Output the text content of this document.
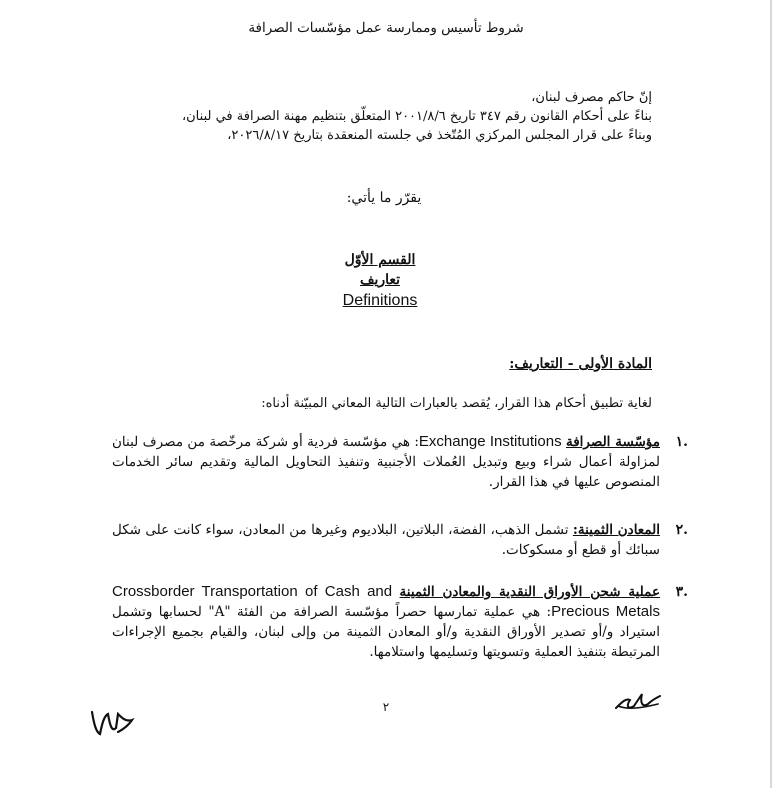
شروط تأسيس وممارسة عمل مؤسّسات الصرافة
إنّ حاكم مصرف لبنان،
بناءً على أحكام القانون رقم ٣٤٧ تاريخ ٢٠٠١/٨/٦ المتعلّق بتنظيم مهنة الصرافة في لبنان،
وبناءً على قرار المجلس المركزي المُتّخذ في جلسته المنعقدة بتاريخ ٢٠٢٦/٨/١٧،
يقرّر ما يأتي:
القسم الأوّل
تعاريف
Definitions
المادة الأولى - التعاريف:
لغاية تطبيق أحكام هذا القرار، يُقصد بالعبارات التالية المعاني المبيّنة أدناه:
.١
مؤسّسة الصرافة Exchange Institutions: هي مؤسّسة فردية أو شركة مرخّصة من مصرف لبنان لمزاولة أعمال شراء وبيع وتبديل العُملات الأجنبية وتنفيذ التحاويل المالية وتقديم سائر الخدمات المنصوص عليها في هذا القرار.
.٢
المعادن الثمينة: تشمل الذهب، الفضة، البلاتين، البلاديوم وغيرها من المعادن، سواء كانت على شكل سبائك أو قطع أو مسكوكات.
.٣
عملية شحن الأوراق النقدية والمعادن الثمينة Crossborder Transportation of Cash and Precious Metals: هي عملية تمارسها حصراً مؤسّسة الصرافة من الفئة "A" لحسابها وتشمل استيراد و/أو تصدير الأوراق النقدية و/أو المعادن الثمينة من وإلى لبنان، والقيام بجميع الإجراءات المرتبطة بتنفيذ العملية وتسويتها وتسليمها واستلامها.
٢
